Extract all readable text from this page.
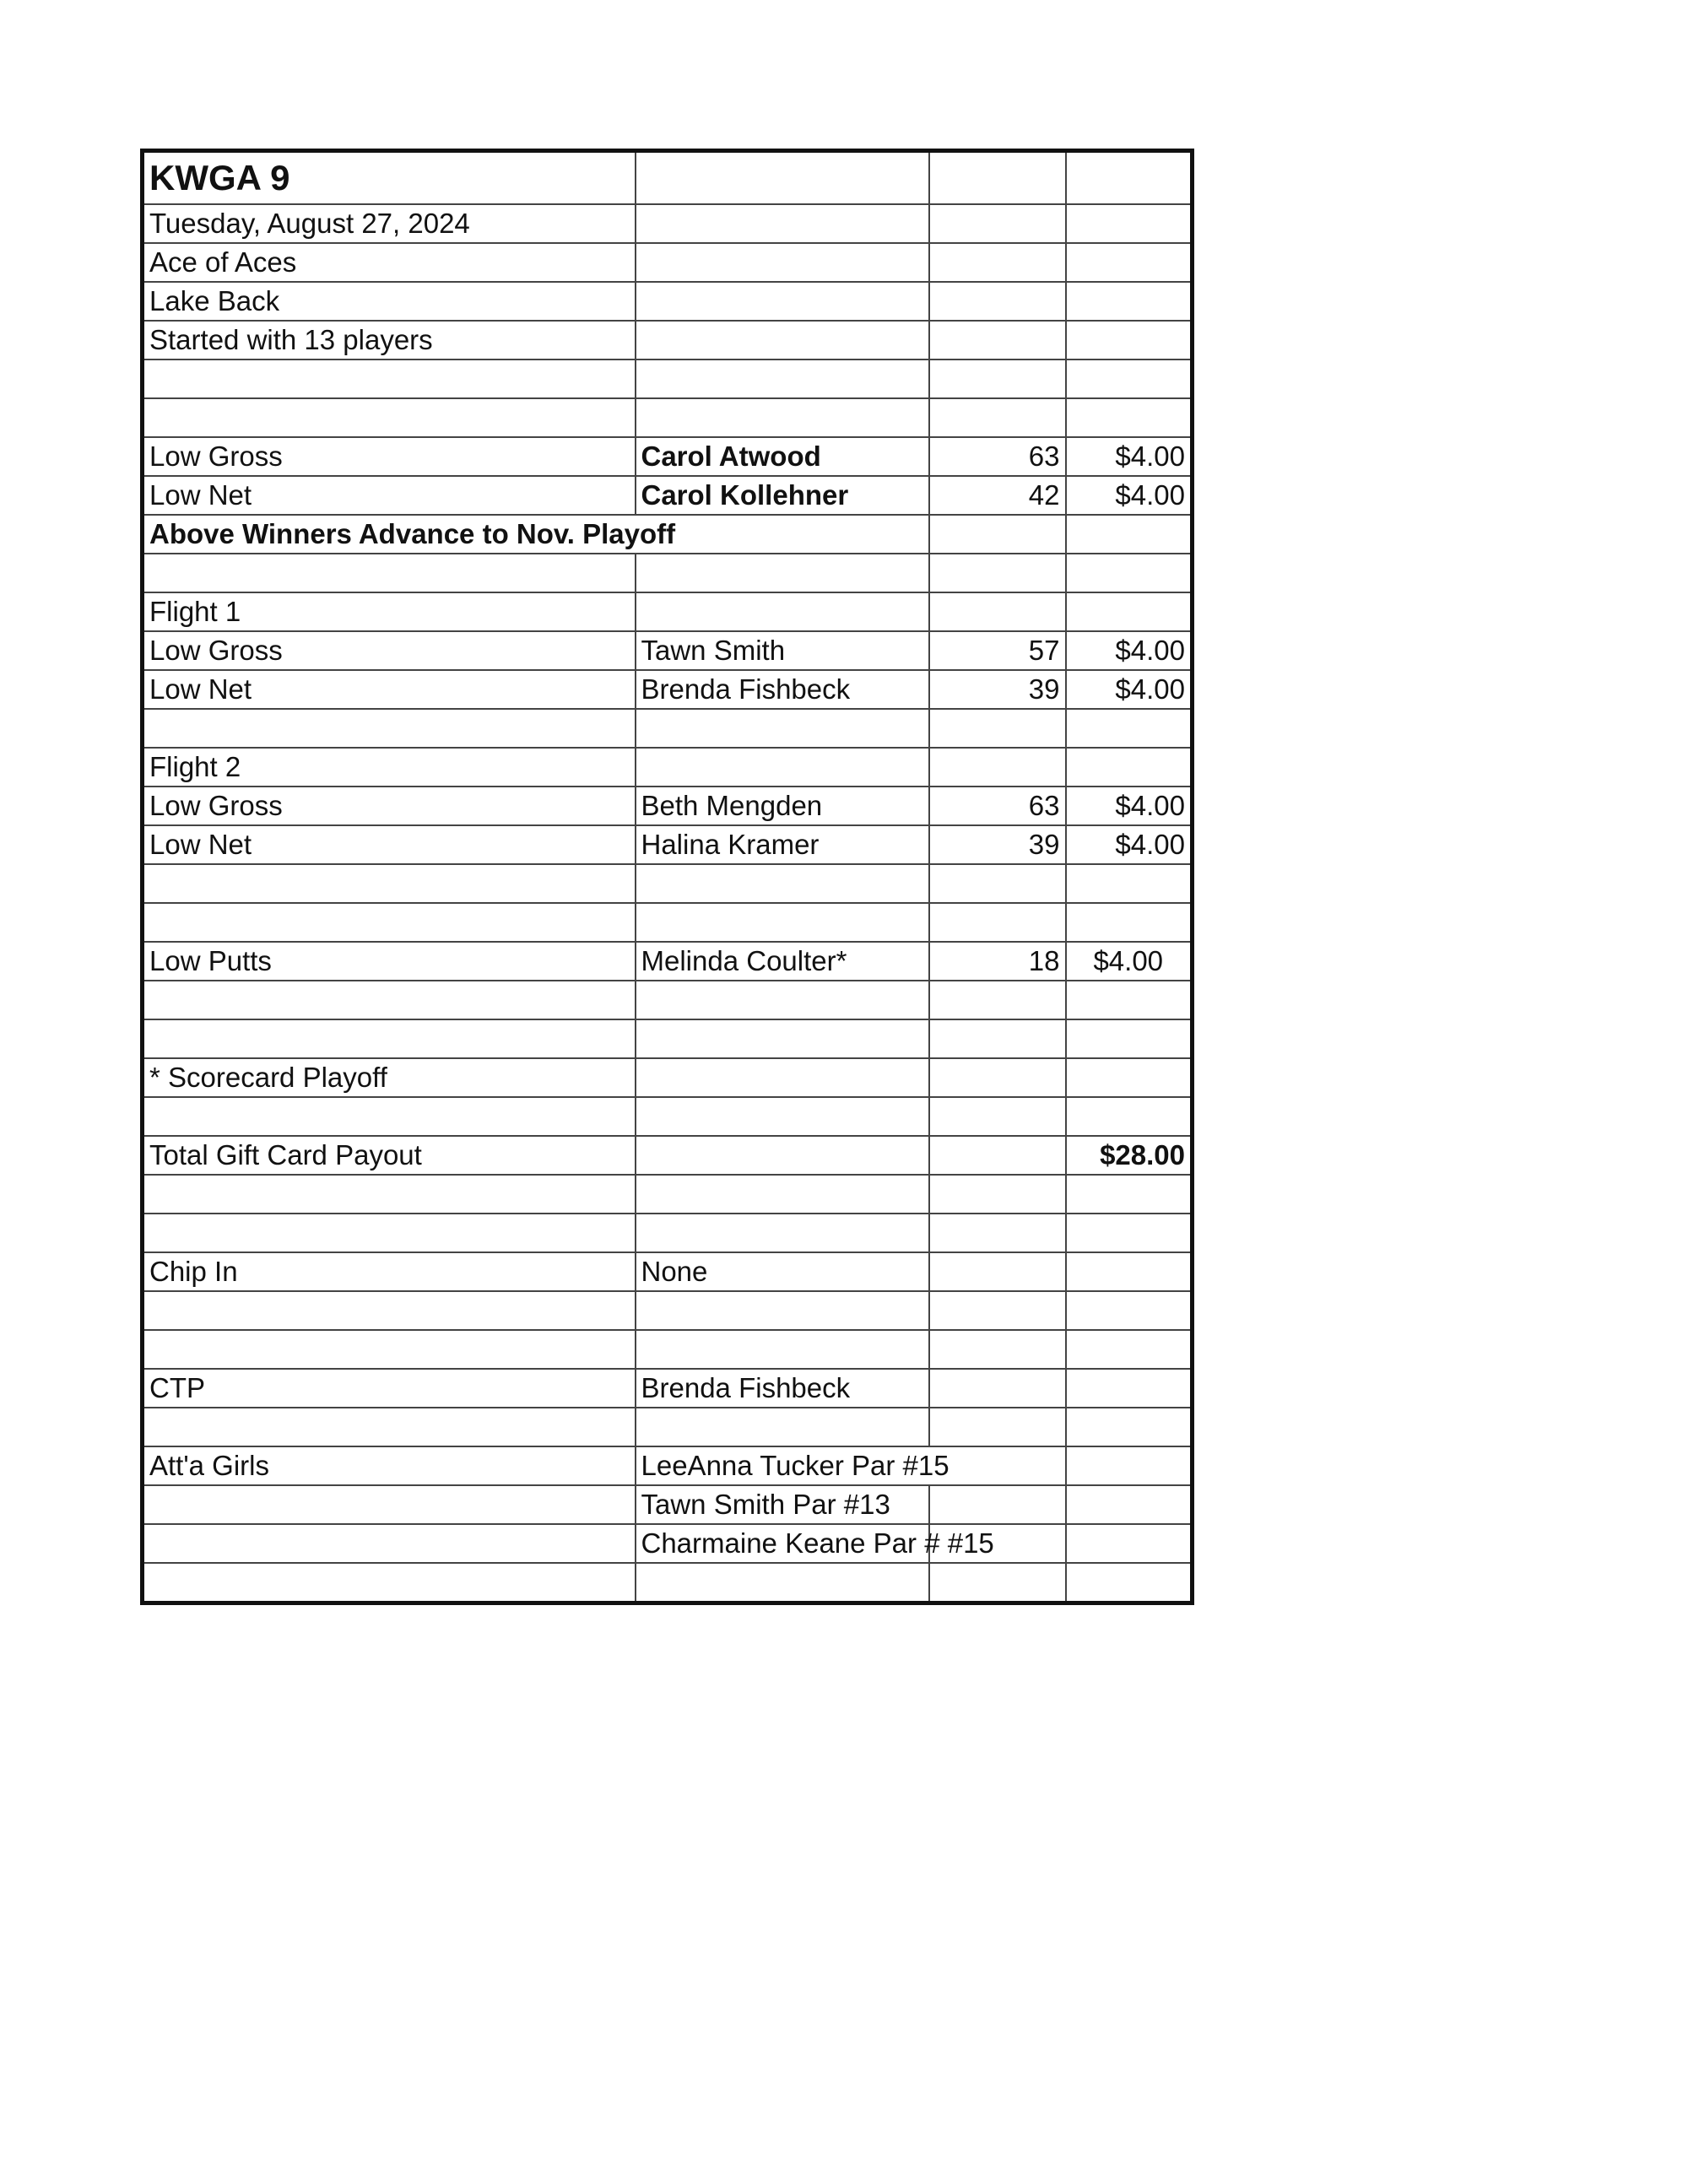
KWGA 9			
Tuesday, August 27, 2024			
Ace of Aces			
Lake Back			
Started with 13 players			

Low Gross	Carol Atwood	63	$4.00
Low Net	Carol Kollehner	42	$4.00
Above Winners Advance to Nov. Playoff			

Flight 1			
Low Gross	Tawn Smith	57	$4.00
Low Net	Brenda Fishbeck	39	$4.00

Flight 2			
Low Gross	Beth Mengden	63	$4.00
Low Net	Halina Kramer	39	$4.00

Low Putts	Melinda Coulter*	18	$4.00

* Scorecard Playoff			

Total Gift Card Payout			$28.00

Chip In	None		

CTP	Brenda Fishbeck		

Att'a Girls	LeeAnna Tucker Par #15		
	Tawn Smith Par #13		
	Charmaine Keane Par # #15		
